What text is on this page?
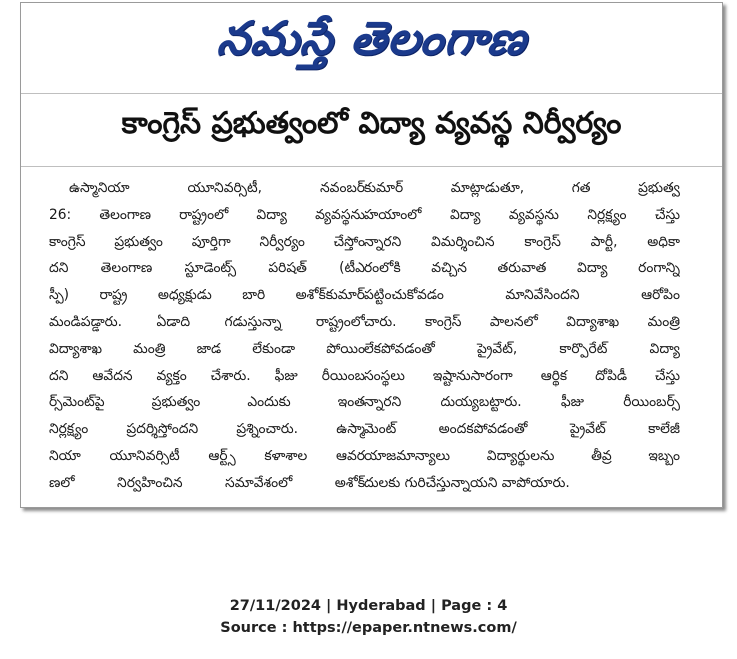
నమస్తే తెలంగాణ
కాంగ్రెస్ ప్రభుత్వంలో విద్యా వ్యవస్థ నిర్వీర్యం
ఉస్మానియా యూనివర్సిటీ, నవంబర్
26: తెలంగాణ రాష్ట్రంలో విద్యా వ్యవస్థను
కాంగ్రెస్ ప్రభుత్వం పూర్తిగా నిర్వీర్యం చేస్తోం
దని తెలంగాణ స్టూడెంట్స్ పరిషత్ (టీఎ
స్పీ) రాష్ట్ర అధ్యక్షుడు బారి అశోక్‌కుమార్
మండిపడ్డారు. ఏడాది గడుస్తున్నా రాష్ట్రంలో
విద్యాశాఖ మంత్రి జాడ లేకుండా పోయిం
దని ఆవేదన వ్యక్తం చేశారు. ఫీజు రీయింబ
ర్స్‌మెంట్‌పై ప్రభుత్వం ఎందుకు ఇంత
నిర్లక్ష్యం ప్రదర్శిస్తోందని ప్రశ్నించారు. ఉస్మా
నియా యూనివర్సిటీ ఆర్ట్స్ కళాశాల ఆవర
ణలో నిర్వహించిన సమావేశంలో అశోక్
కుమార్ మాట్లాడుతూ, గత ప్రభుత్వ
హయాంలో విద్యా వ్యవస్థను నిర్లక్ష్యం చేస్తు
న్నారని విమర్శించిన కాంగ్రెస్ పార్టీ, అధికా
రంలోకి వచ్చిన తరువాత విద్యా రంగాన్ని
పట్టించుకోవడం మానివేసిందని ఆరోపిం
చారు. కాంగ్రెస్ పాలనలో విద్యాశాఖ మంత్రి
లేకపోవడంతో ప్రైవేట్, కార్పొరేట్ విద్యా
సంస్థలు ఇష్టానుసారంగా ఆర్థిక దోపిడీ చేస్తు
న్నారని దుయ్యబట్టారు. ఫీజు రీయింబర్స్
మెంట్ అందకపోవడంతో ప్రైవేట్ కాలేజీ
యాజమాన్యాలు విద్యార్థులను తీవ్ర ఇబ్బం
దులకు గురిచేస్తున్నాయని వాపోయారు.
27/11/2024 | Hyderabad | Page : 4
Source : https://epaper.ntnews.com/
